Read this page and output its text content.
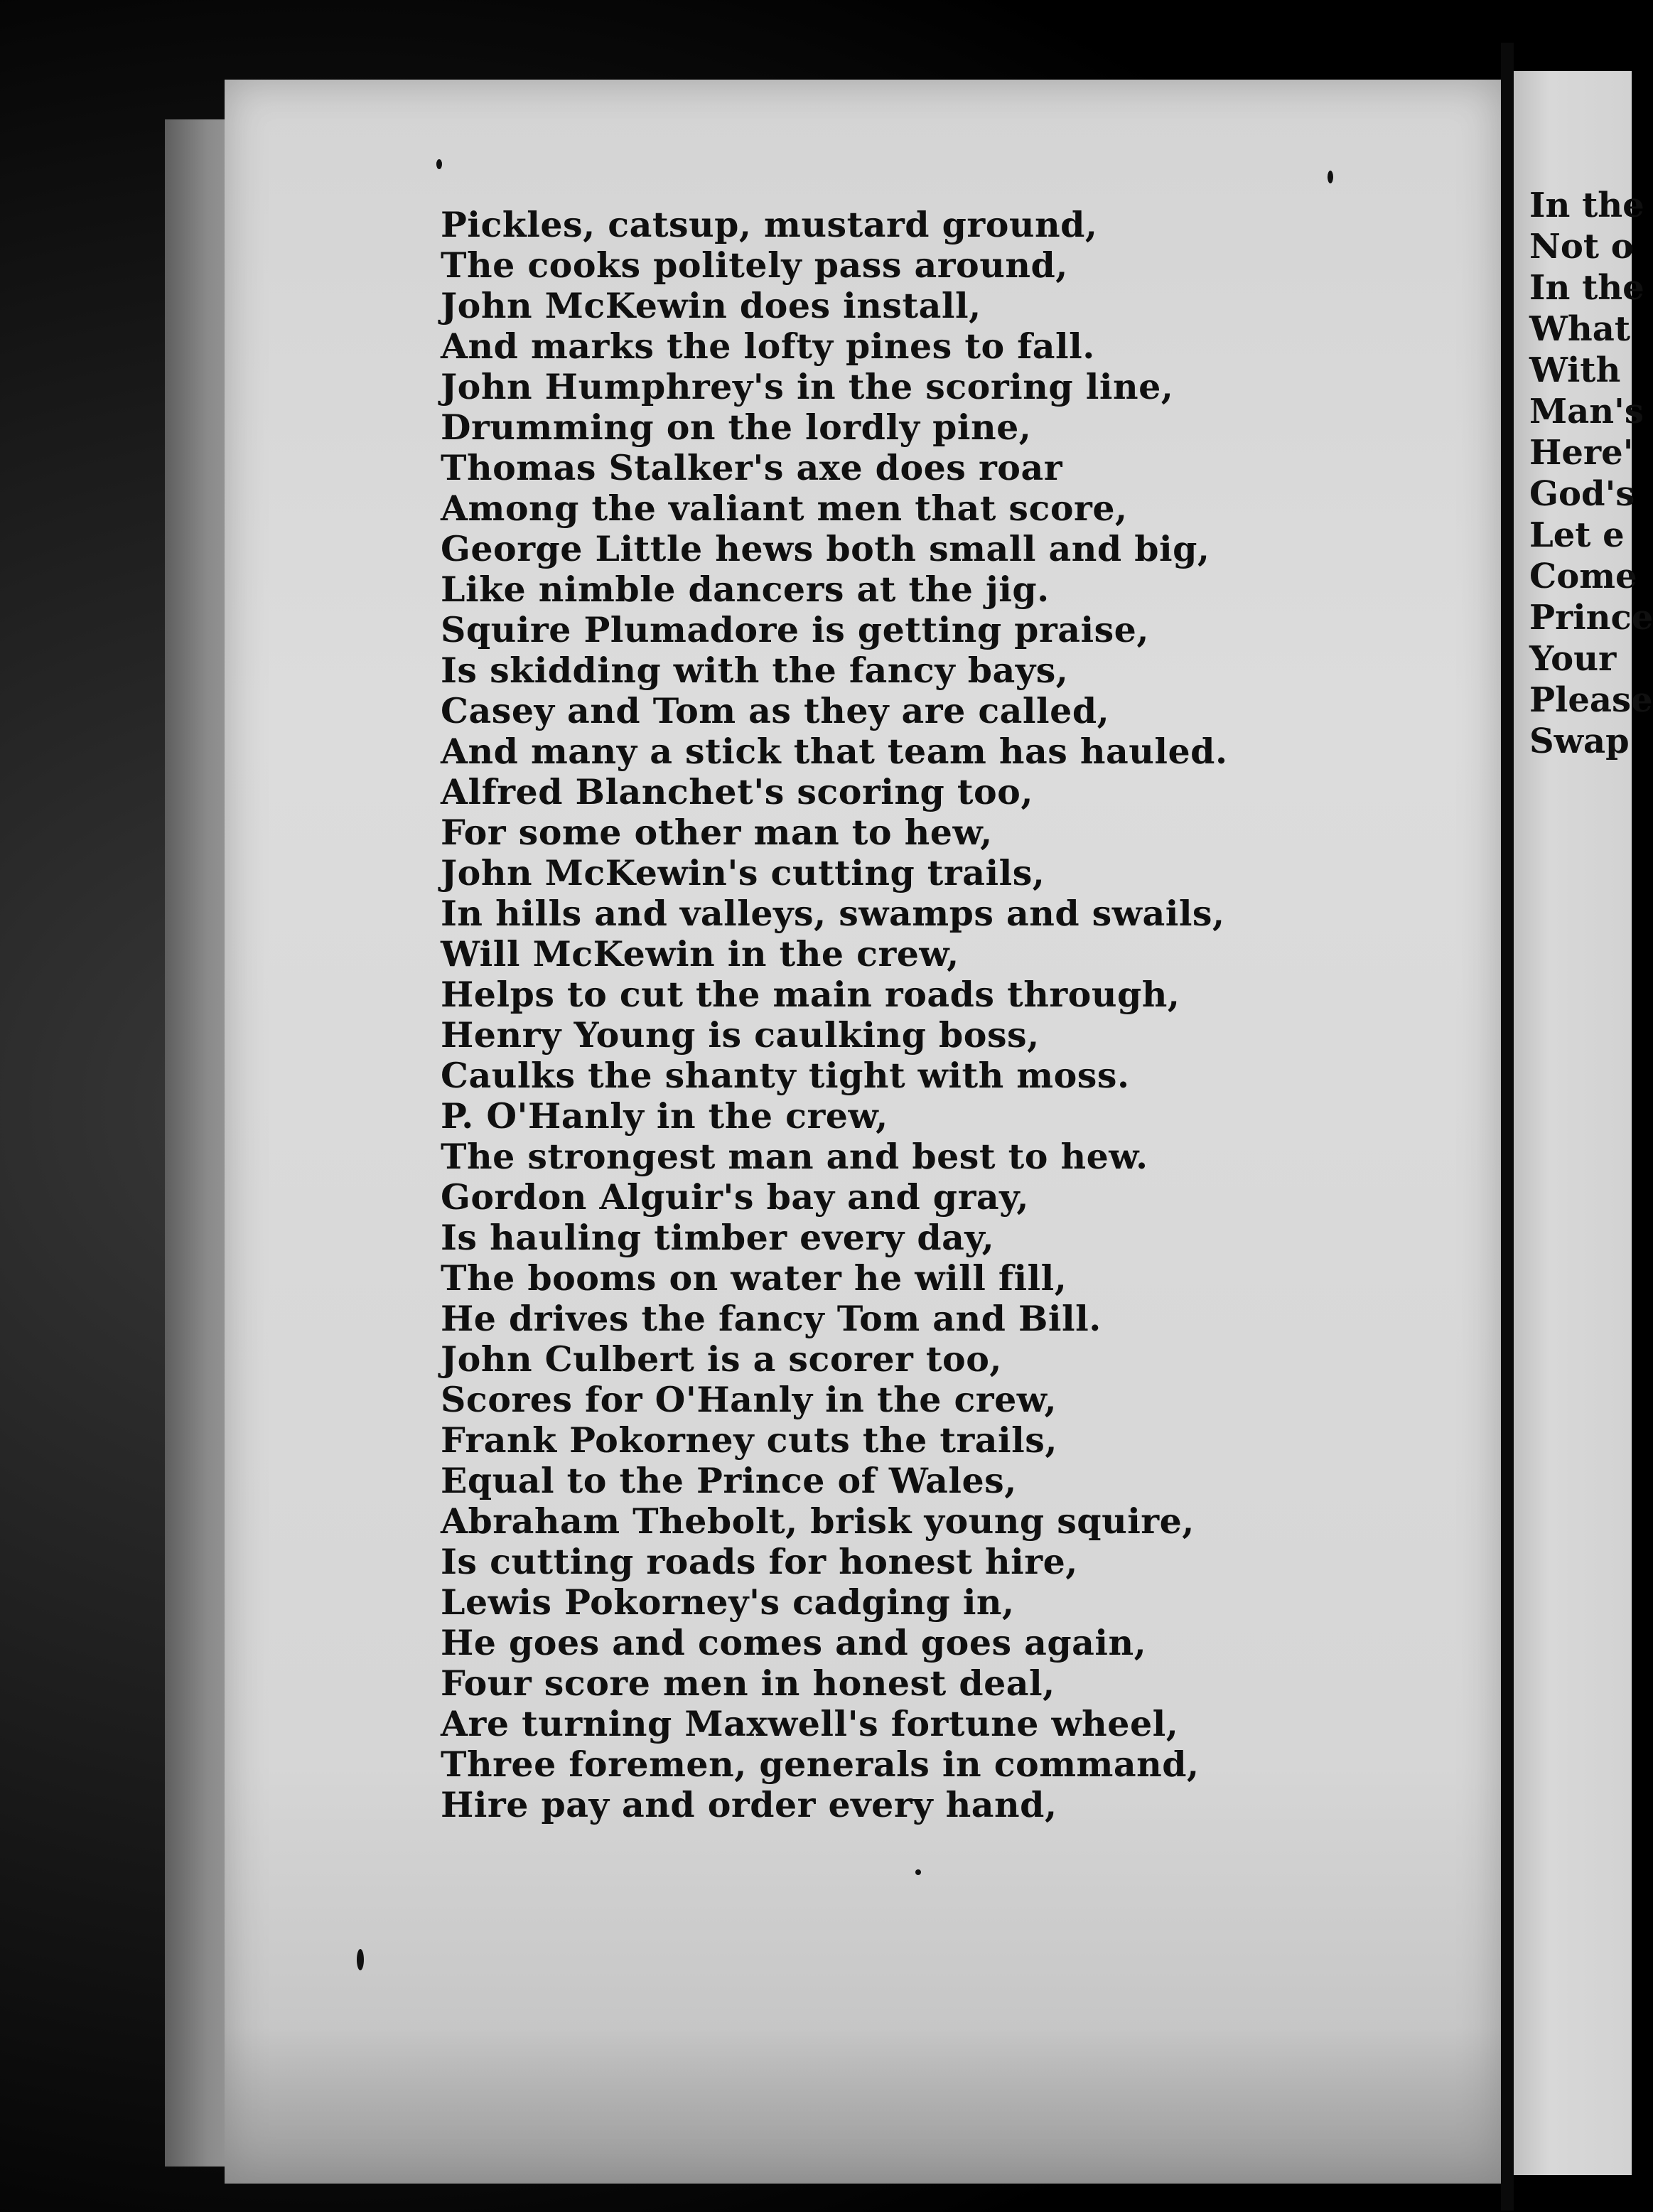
Pickles, catsup, mustard ground,
The cooks politely pass around,
John McKewin does install,
And marks the lofty pines to fall.
John Humphrey's in the scoring line,
Drumming on the lordly pine,
Thomas Stalker's axe does roar
Among the valiant men that score,
George Little hews both small and big,
Like nimble dancers at the jig.
Squire Plumadore is getting praise,
Is skidding with the fancy bays,
Casey and Tom as they are called,
And many a stick that team has hauled.
Alfred Blanchet's scoring too,
For some other man to hew,
John McKewin's cutting trails,
In hills and valleys, swamps and swails,
Will McKewin in the crew,
Helps to cut the main roads through,
Henry Young is caulking boss,
Caulks the shanty tight with moss.
P. O'Hanly in the crew,
The strongest man and best to hew.
Gordon Alguir's bay and gray,
Is hauling timber every day,
The booms on water he will fill,
He drives the fancy Tom and Bill.
John Culbert is a scorer too,
Scores for O'Hanly in the crew,
Frank Pokorney cuts the trails,
Equal to the Prince of Wales,
Abraham Thebolt, brisk young squire,
Is cutting roads for honest hire,
Lewis Pokorney's cadging in,
He goes and comes and goes again,
Four score men in honest deal,
Are turning Maxwell's fortune wheel,
Three foremen, generals in command,
Hire pay and order every hand,
In the
Not o
In the
What
With
Man's
Here'
God's
Let e
Come
Prince
Your
Please
Swap
